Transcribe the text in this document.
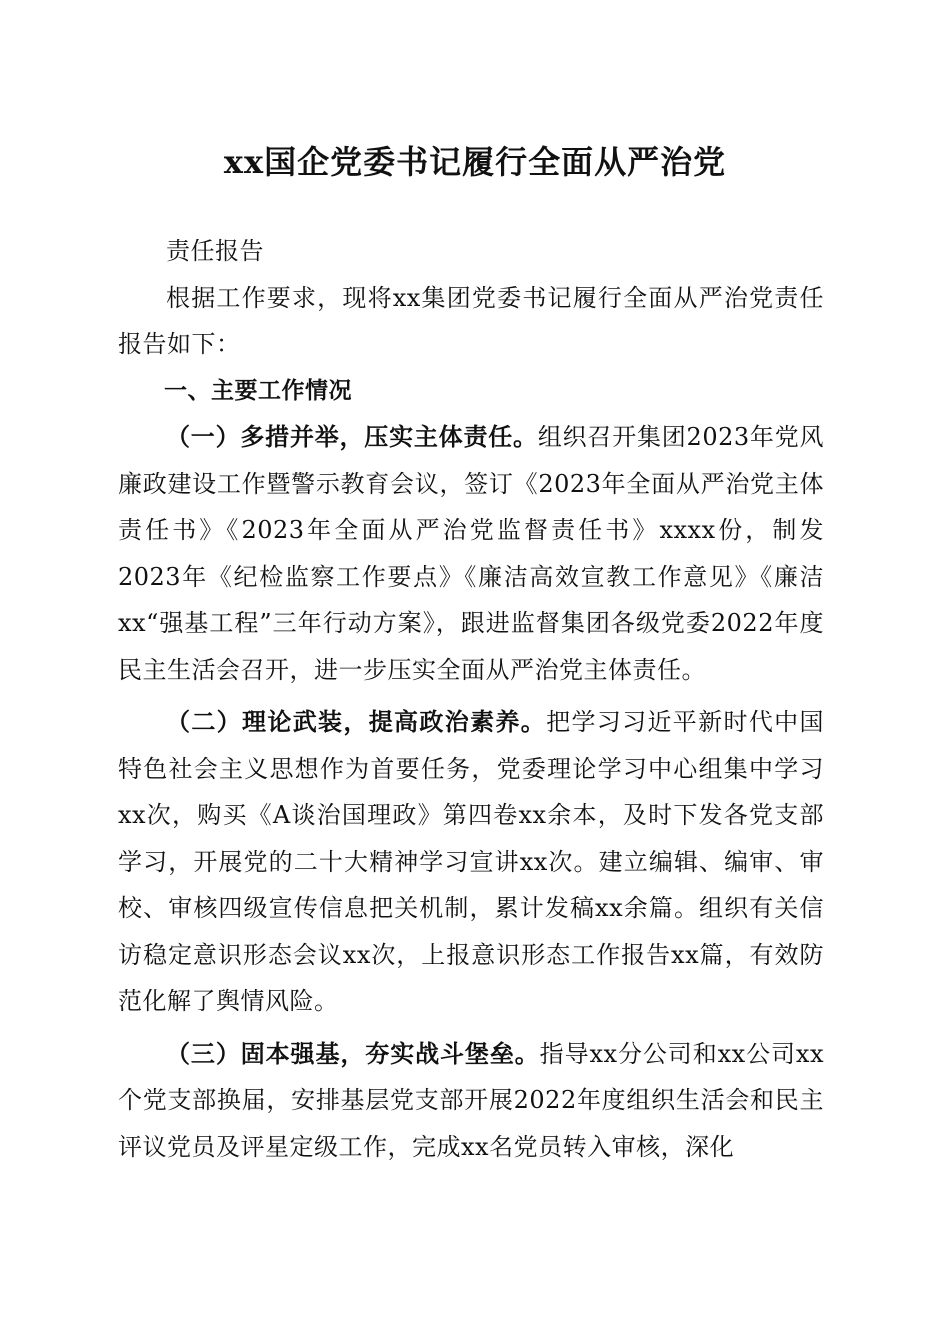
xx国企党委书记履行全面从严治党

责任报告

根据工作要求，现将xx集团党委书记履行全面从严治党责任报告如下：

一、主要工作情况

（一）多措并举，压实主体责任。组织召开集团2023年党风廉政建设工作暨警示教育会议，签订《2023年全面从严治党主体责任书》《2023年全面从严治党监督责任书》xxxx份，制发2023年《纪检监察工作要点》《廉洁高效宣教工作意见》《廉洁xx“强基工程”三年行动方案》，跟进监督集团各级党委2022年度民主生活会召开，进一步压实全面从严治党主体责任。

（二）理论武装，提高政治素养。把学习习近平新时代中国特色社会主义思想作为首要任务，党委理论学习中心组集中学习xx次，购买《A谈治国理政》第四卷xx余本，及时下发各党支部学习，开展党的二十大精神学习宣讲xx次。建立编辑、编审、审校、审核四级宣传信息把关机制，累计发稿xx余篇。组织有关信访稳定意识形态会议xx次，上报意识形态工作报告xx篇，有效防范化解了舆情风险。

（三）固本强基，夯实战斗堡垒。指导xx分公司和xx公司xx个党支部换届，安排基层党支部开展2022年度组织生活会和民主评议党员及评星定级工作，完成xx名党员转入审核，深化
